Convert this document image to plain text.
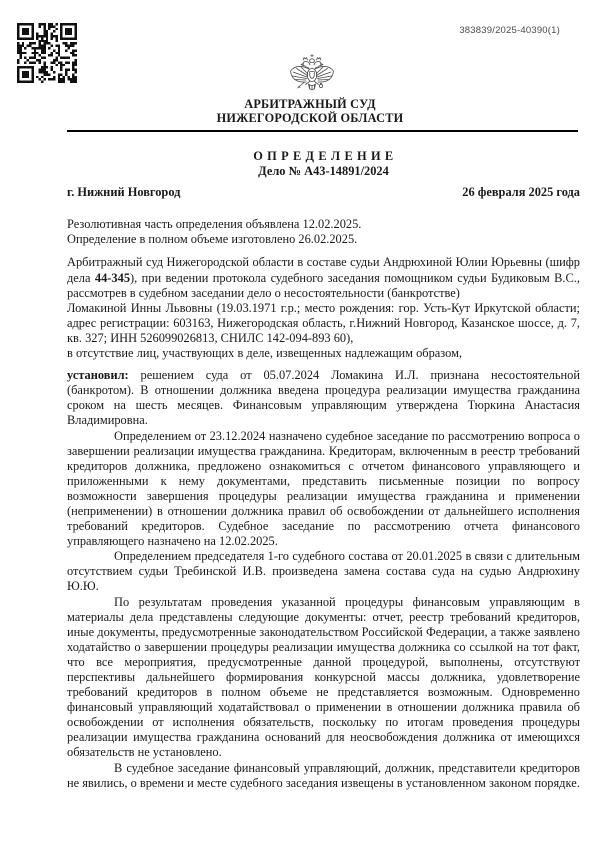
383839/2025-40390(1)
АРБИТРАЖНЫЙ СУД
НИЖЕГОРОДСКОЙ ОБЛАСТИ
О П Р Е Д Е Л Е Н И Е
Дело № А43-14891/2024
г. Нижний Новгород	26 февраля 2025 года
Резолютивная часть определения объявлена 12.02.2025.
Определение в полном объеме изготовлено 26.02.2025.

Арбитражный суд Нижегородской области в составе судьи Андрюхиной Юлии Юрьевны (шифр дела 44-345), при ведении протокола судебного заседания помощником судьи Будиковым В.С., рассмотрев в судебном заседании дело о несостоятельности (банкротстве)

Ломакиной Инны Львовны (19.03.1971 г.р.; место рождения: гор. Усть-Кут Иркутской области; адрес регистрации: 603163, Нижегородская область, г.Нижний Новгород, Казанское шоссе, д. 7, кв. 327; ИНН 526099026813, СНИЛС 142-094-893 60),

в отсутствие лиц, участвующих в деле, извещенных надлежащим образом,

установил: решением суда от 05.07.2024 Ломакина И.Л. признана несостоятельной (банкротом). В отношении должника введена процедура реализации имущества гражданина сроком на шесть месяцев. Финансовым управляющим утверждена Тюркина Анастасия Владимировна.

Определением от 23.12.2024 назначено судебное заседание по рассмотрению вопроса о завершении реализации имущества гражданина. Кредиторам, включенным в реестр требований кредиторов должника, предложено ознакомиться с отчетом финансового управляющего и приложенными к нему документами, представить письменные позиции по вопросу возможности завершения процедуры реализации имущества гражданина и применении (неприменении) в отношении должника правил об освобождении от дальнейшего исполнения требований кредиторов. Судебное заседание по рассмотрению отчета финансового управляющего назначено на 12.02.2025.

Определением председателя 1-го судебного состава от 20.01.2025 в связи с длительным отсутствием судьи Требинской И.В. произведена замена состава суда на судью Андрюхину Ю.Ю.

По результатам проведения указанной процедуры финансовым управляющим в материалы дела представлены следующие документы: отчет, реестр требований кредиторов, иные документы, предусмотренные законодательством Российской Федерации, а также заявлено ходатайство о завершении процедуры реализации имущества должника со ссылкой на тот факт, что все мероприятия, предусмотренные данной процедурой, выполнены, отсутствуют перспективы дальнейшего формирования конкурсной массы должника, удовлетворение требований кредиторов в полном объеме не представляется возможным. Одновременно финансовый управляющий ходатайствовал о применении в отношении должника правила об освобождении от исполнения обязательств, поскольку по итогам проведения процедуры реализации имущества гражданина оснований для неосвобождения должника от имеющихся обязательств не установлено.

В судебное заседание финансовый управляющий, должник, представители кредиторов не явились, о времени и месте судебного заседания извещены в установленном законом порядке.
